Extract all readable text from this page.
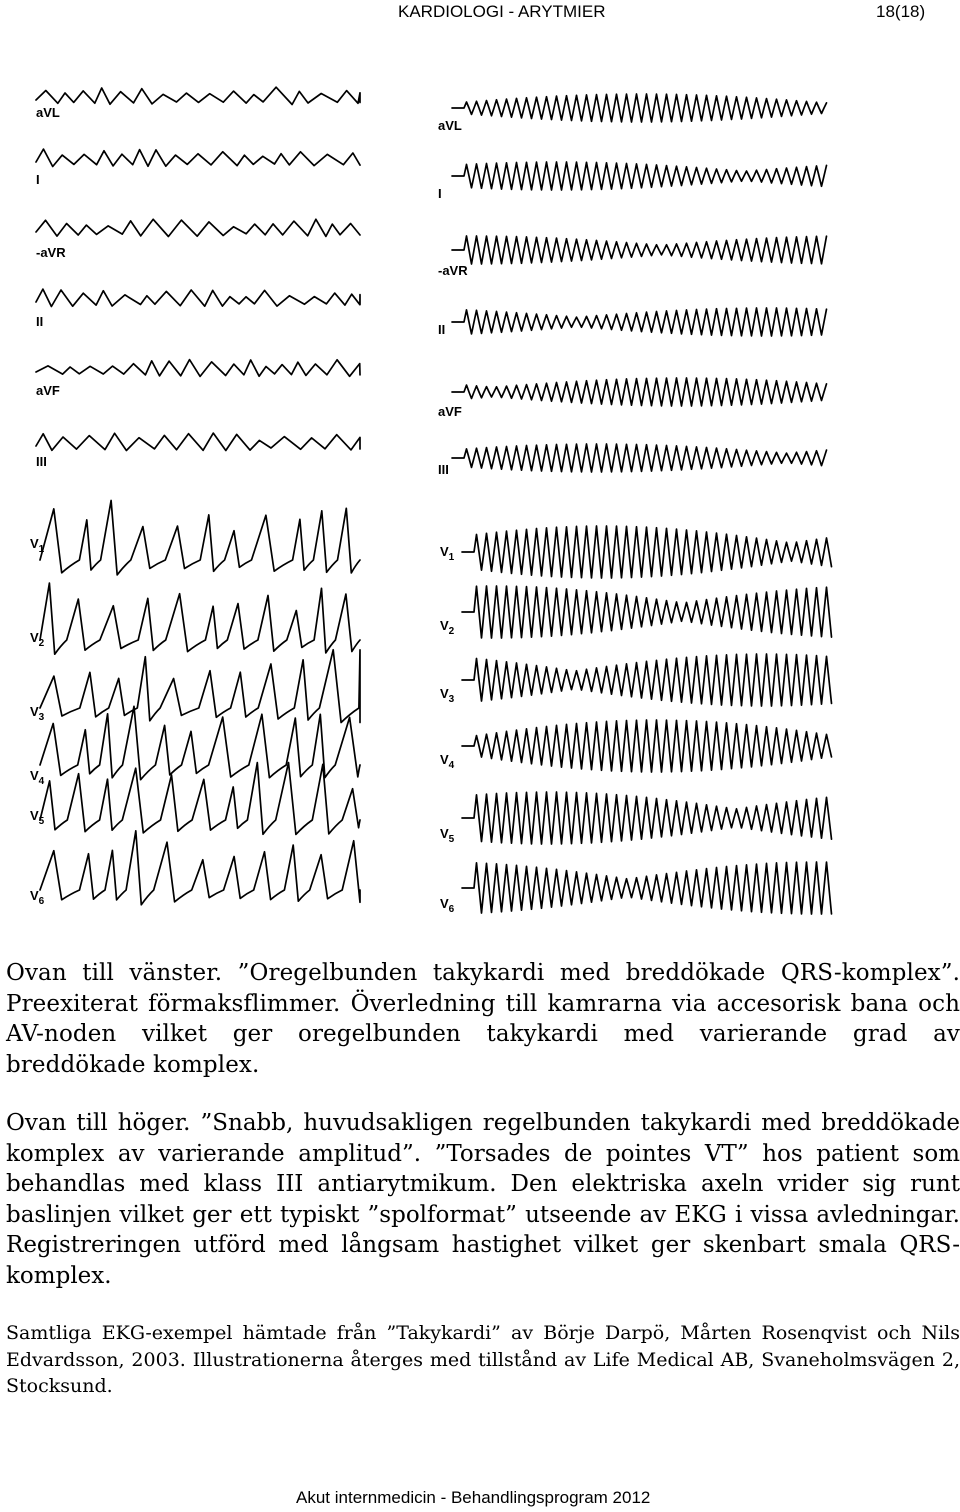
KARDIOLOGI - ARYTMIER	18(18)
aVL
I
-aVR
II
aVF
III
$V_1$
$V_2$
$V_3$
$V_4$
$V_5$
$V_6$
aVL
I
-aVR
II
aVF
III
$V_1$
$V_2$
$V_3$
$V_4$
$V_5$
$V_6$
Ovan till vänster. ”Oregelbunden takykardi med breddökade QRS-komplex”. Preexiterat förmaksflimmer. Överledning till kamrarna via accesorisk bana och AV-noden vilket ger oregelbunden takykardi med varierande grad av breddökade komplex.
Ovan till höger. ”Snabb, huvudsakligen regelbunden takykardi med breddökade komplex av varierande amplitud”. ”Torsades de pointes VT” hos patient som behandlas med klass III antiarytmikum. Den elektriska axeln vrider sig runt baslinjen vilket ger ett typiskt ”spolformat” utseende av EKG i vissa avledningar. Registreringen utförd med långsam hastighet vilket ger skenbart smala QRS-komplex.
Samtliga EKG-exempel hämtade från ”Takykardi” av Börje Darpö, Mårten Rosenqvist och Nils Edvardsson, 2003. Illustrationerna återges med tillstånd av Life Medical AB, Svaneholmsvägen 2, Stocksund.
Akut internmedicin - Behandlingsprogram 2012
